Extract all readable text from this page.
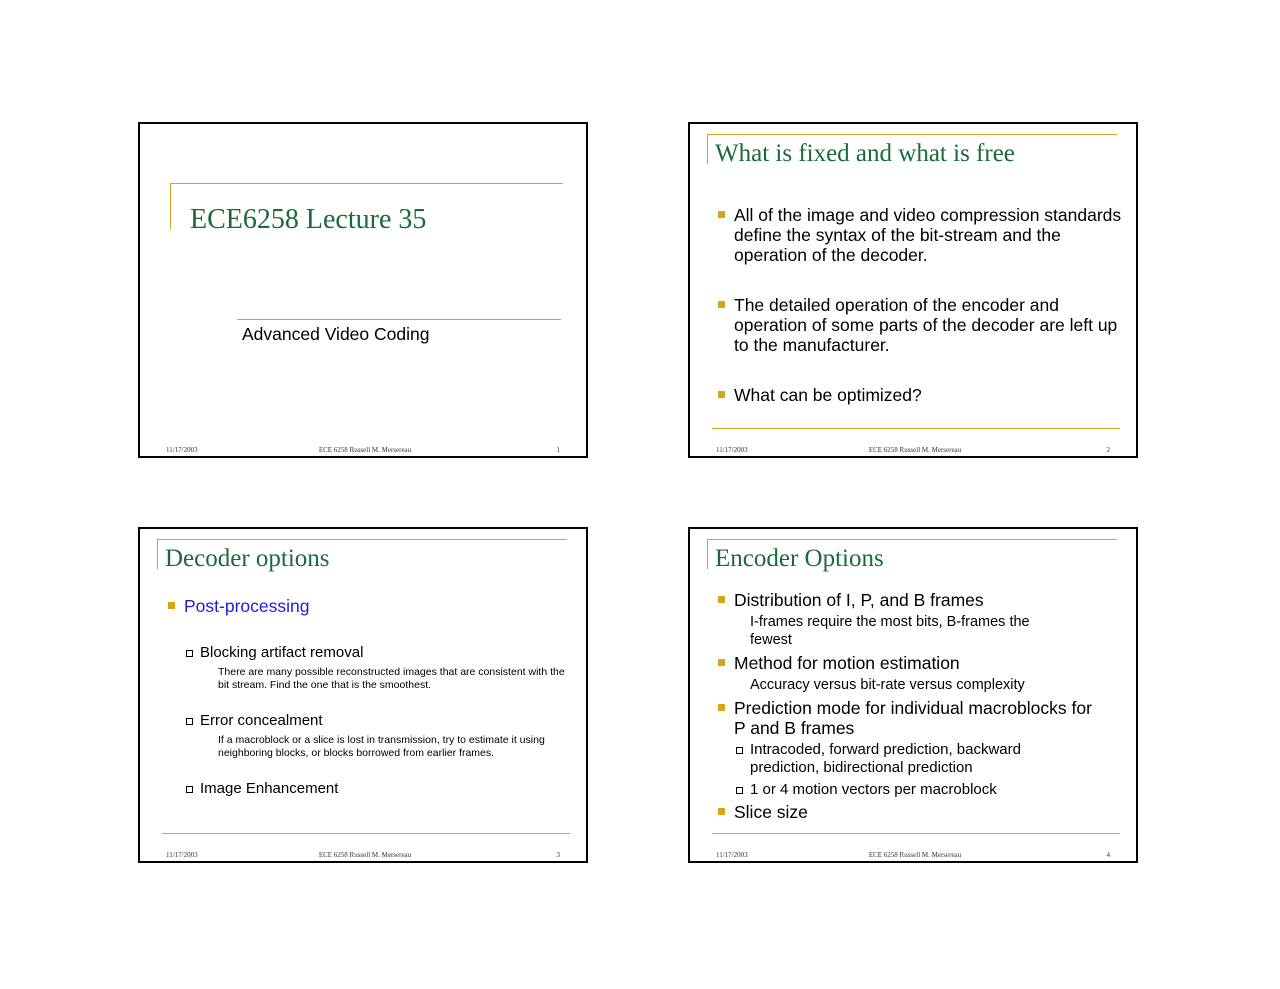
ECE6258 Lecture 35
Advanced Video Coding
11/17/2003	ECE 6258 Russell M. Mersereau	1
What is fixed and what is free
All of the image and video compression standards define the syntax of the bit-stream and the operation of the decoder.
The detailed operation of the encoder and operation of some parts of the decoder are left up to the manufacturer.
What can be optimized?
11/17/2003	ECE 6258 Russell M. Mersereau	2
Decoder options
Post-processing
Blocking artifact removal
There are many possible reconstructed images that are consistent with the bit stream. Find the one that is the smoothest.
Error concealment
If a macroblock or a slice is lost in transmission, try to estimate it using neighboring blocks, or blocks borrowed from earlier frames.
Image Enhancement
11/17/2003	ECE 6258 Russell M. Mersereau	3
Encoder Options
Distribution of I, P, and B frames
I-frames require the most bits, B-frames the fewest
Method for motion estimation
Accuracy versus bit-rate versus complexity
Prediction mode for individual macroblocks for P and B frames
Intracoded, forward prediction, backward prediction, bidirectional prediction
1 or 4 motion vectors per macroblock
Slice size
11/17/2003	ECE 6258 Russell M. Mersereau	4
